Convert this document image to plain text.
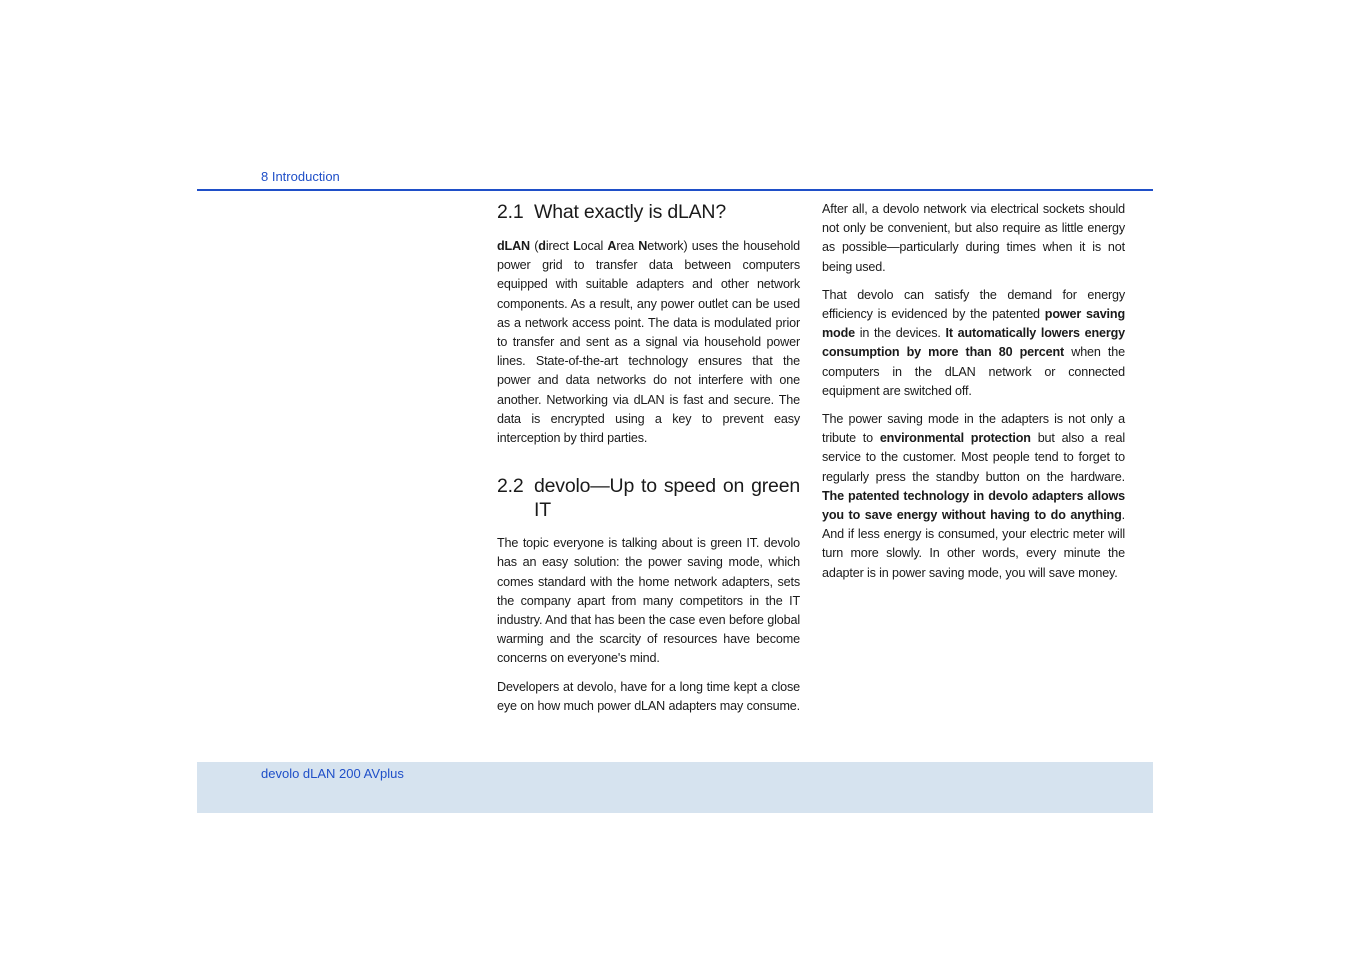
8 Introduction
2.1 What exactly is dLAN?

dLAN (direct Local Area Network) uses the household power grid to transfer data between computers equipped with suitable adapters and other network components. As a result, any power outlet can be used as a network access point. The data is modulated prior to transfer and sent as a signal via household power lines. State-of-the-art technology ensures that the power and data networks do not interfere with one another. Networking via dLAN is fast and secure. The data is encrypted using a key to prevent easy interception by third parties.

2.2 devolo—Up to speed on green IT

The topic everyone is talking about is green IT. devolo has an easy solution: the power saving mode, which comes standard with the home network adapters, sets the company apart from many competitors in the IT industry. And that has been the case even before global warming and the scarcity of resources have become concerns on everyone's mind.

Developers at devolo, have for a long time kept a close eye on how much power dLAN adapters may consume.

After all, a devolo network via electrical sockets should not only be convenient, but also require as little energy as possible—particularly during times when it is not being used.

That devolo can satisfy the demand for energy efficiency is evidenced by the patented power saving mode in the devices. It automatically lowers energy consumption by more than 80 percent when the computers in the dLAN network or connected equipment are switched off.

The power saving mode in the adapters is not only a tribute to environmental protection but also a real service to the customer. Most people tend to forget to regularly press the standby button on the hardware. The patented technology in devolo adapters allows you to save energy without having to do anything. And if less energy is consumed, your electric meter will turn more slowly. In other words, every minute the adapter is in power saving mode, you will save money.

devolo dLAN 200 AVplus
